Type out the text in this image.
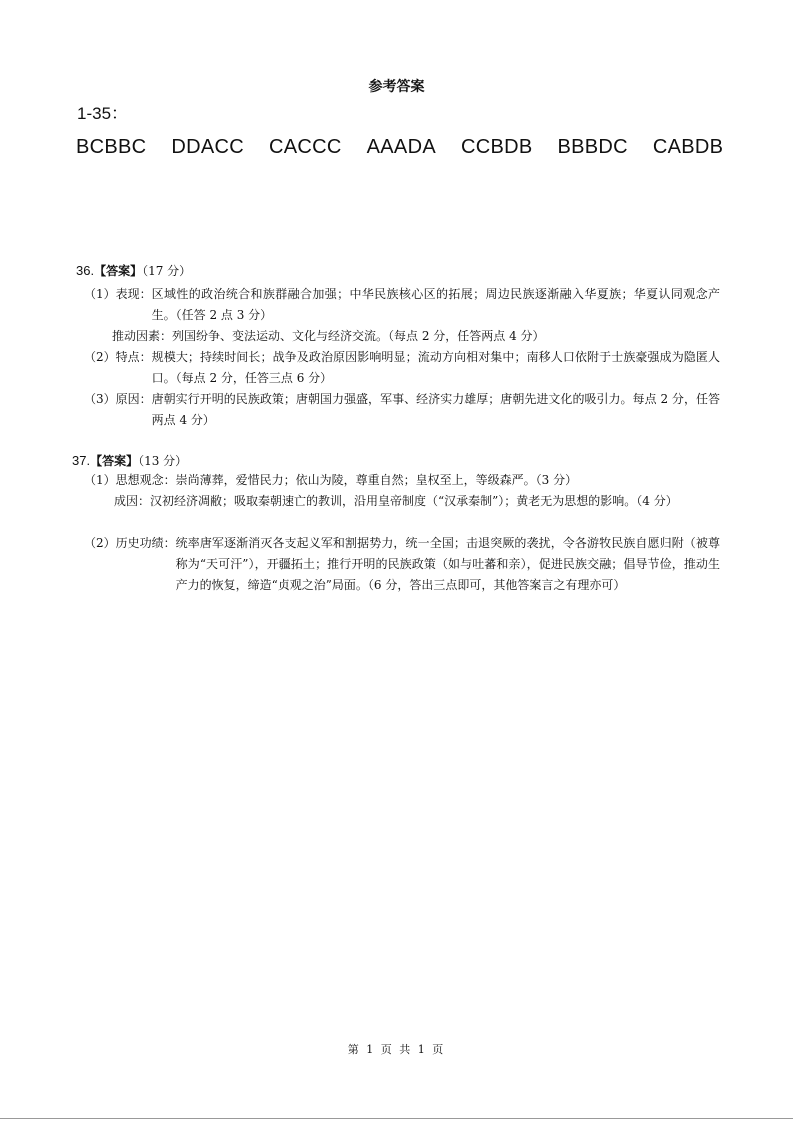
参考答案
1-35：
BCBBC DDACC CACCC AAADA CCBDB BBBDC CABDB
36.【答案】（17 分）
（1）表现： 区域性的政治统合和族群融合加强；中华民族核心区的拓展；周边民族逐渐融入华夏族；华夏认同观念产生。（任答 2 点 3 分）
推动因素：列国纷争、变法运动、文化与经济交流。（每点 2 分，任答两点 4 分）
（2）特点： 规模大；持续时间长；战争及政治原因影响明显；流动方向相对集中；南移人口依附于士族豪强成为隐匿人口。（每点 2 分，任答三点 6 分）
（3）原因： 唐朝实行开明的民族政策；唐朝国力强盛，军事、经济实力雄厚；唐朝先进文化的吸引力。每点 2 分，任答两点 4 分）
37.【答案】（13 分）
（1）思想观念：崇尚薄葬，爱惜民力；依山为陵，尊重自然；皇权至上，等级森严。（3 分）
成因： 汉初经济凋敝；吸取秦朝速亡的教训，沿用皇帝制度（“汉承秦制”）；黄老无为思想的影响。（4 分）
（2）历史功绩： 统率唐军逐渐消灭各支起义军和割据势力，统一全国；击退突厥的袭扰，令各游牧民族自愿归附（被尊称为“天可汗”），开疆拓土；推行开明的民族政策（如与吐蕃和亲），促进民族交融；倡导节俭，推动生产力的恢复，缔造“贞观之治”局面。（6 分，答出三点即可，其他答案言之有理亦可）
第 1 页 共 1 页
